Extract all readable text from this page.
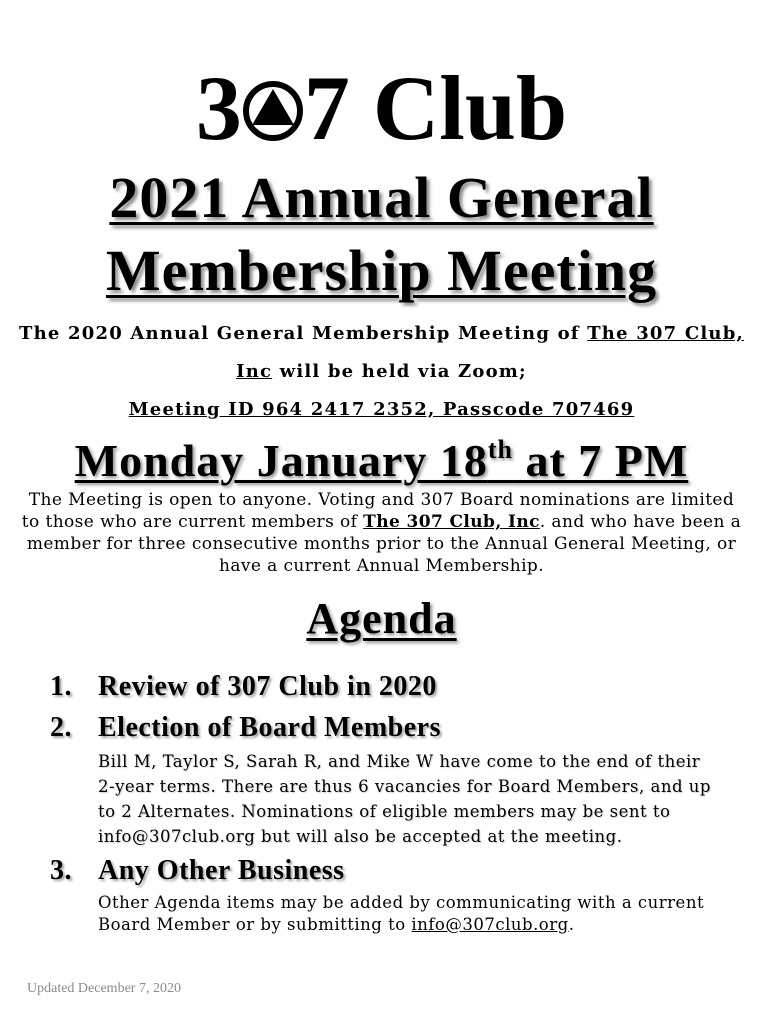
3 7 Club
2021 Annual General
Membership Meeting
The 2020 Annual General Membership Meeting of The 307 Club,
Inc will be held via Zoom;
Meeting ID 964 2417 2352, Passcode 707469
Monday January 18th at 7 PM
The Meeting is open to anyone. Voting and 307 Board nominations are limited
to those who are current members of The 307 Club, Inc. and who have been a
member for three consecutive months prior to the Annual General Meeting, or
have a current Annual Membership.
Agenda
1. Review of 307 Club in 2020
2. Election of Board Members
Bill M, Taylor S, Sarah R, and Mike W have come to the end of their
2-year terms. There are thus 6 vacancies for Board Members, and up
to 2 Alternates. Nominations of eligible members may be sent to
info@307club.org but will also be accepted at the meeting.
3. Any Other Business
Other Agenda items may be added by communicating with a current
Board Member or by submitting to info@307club.org.
Updated December 7, 2020
